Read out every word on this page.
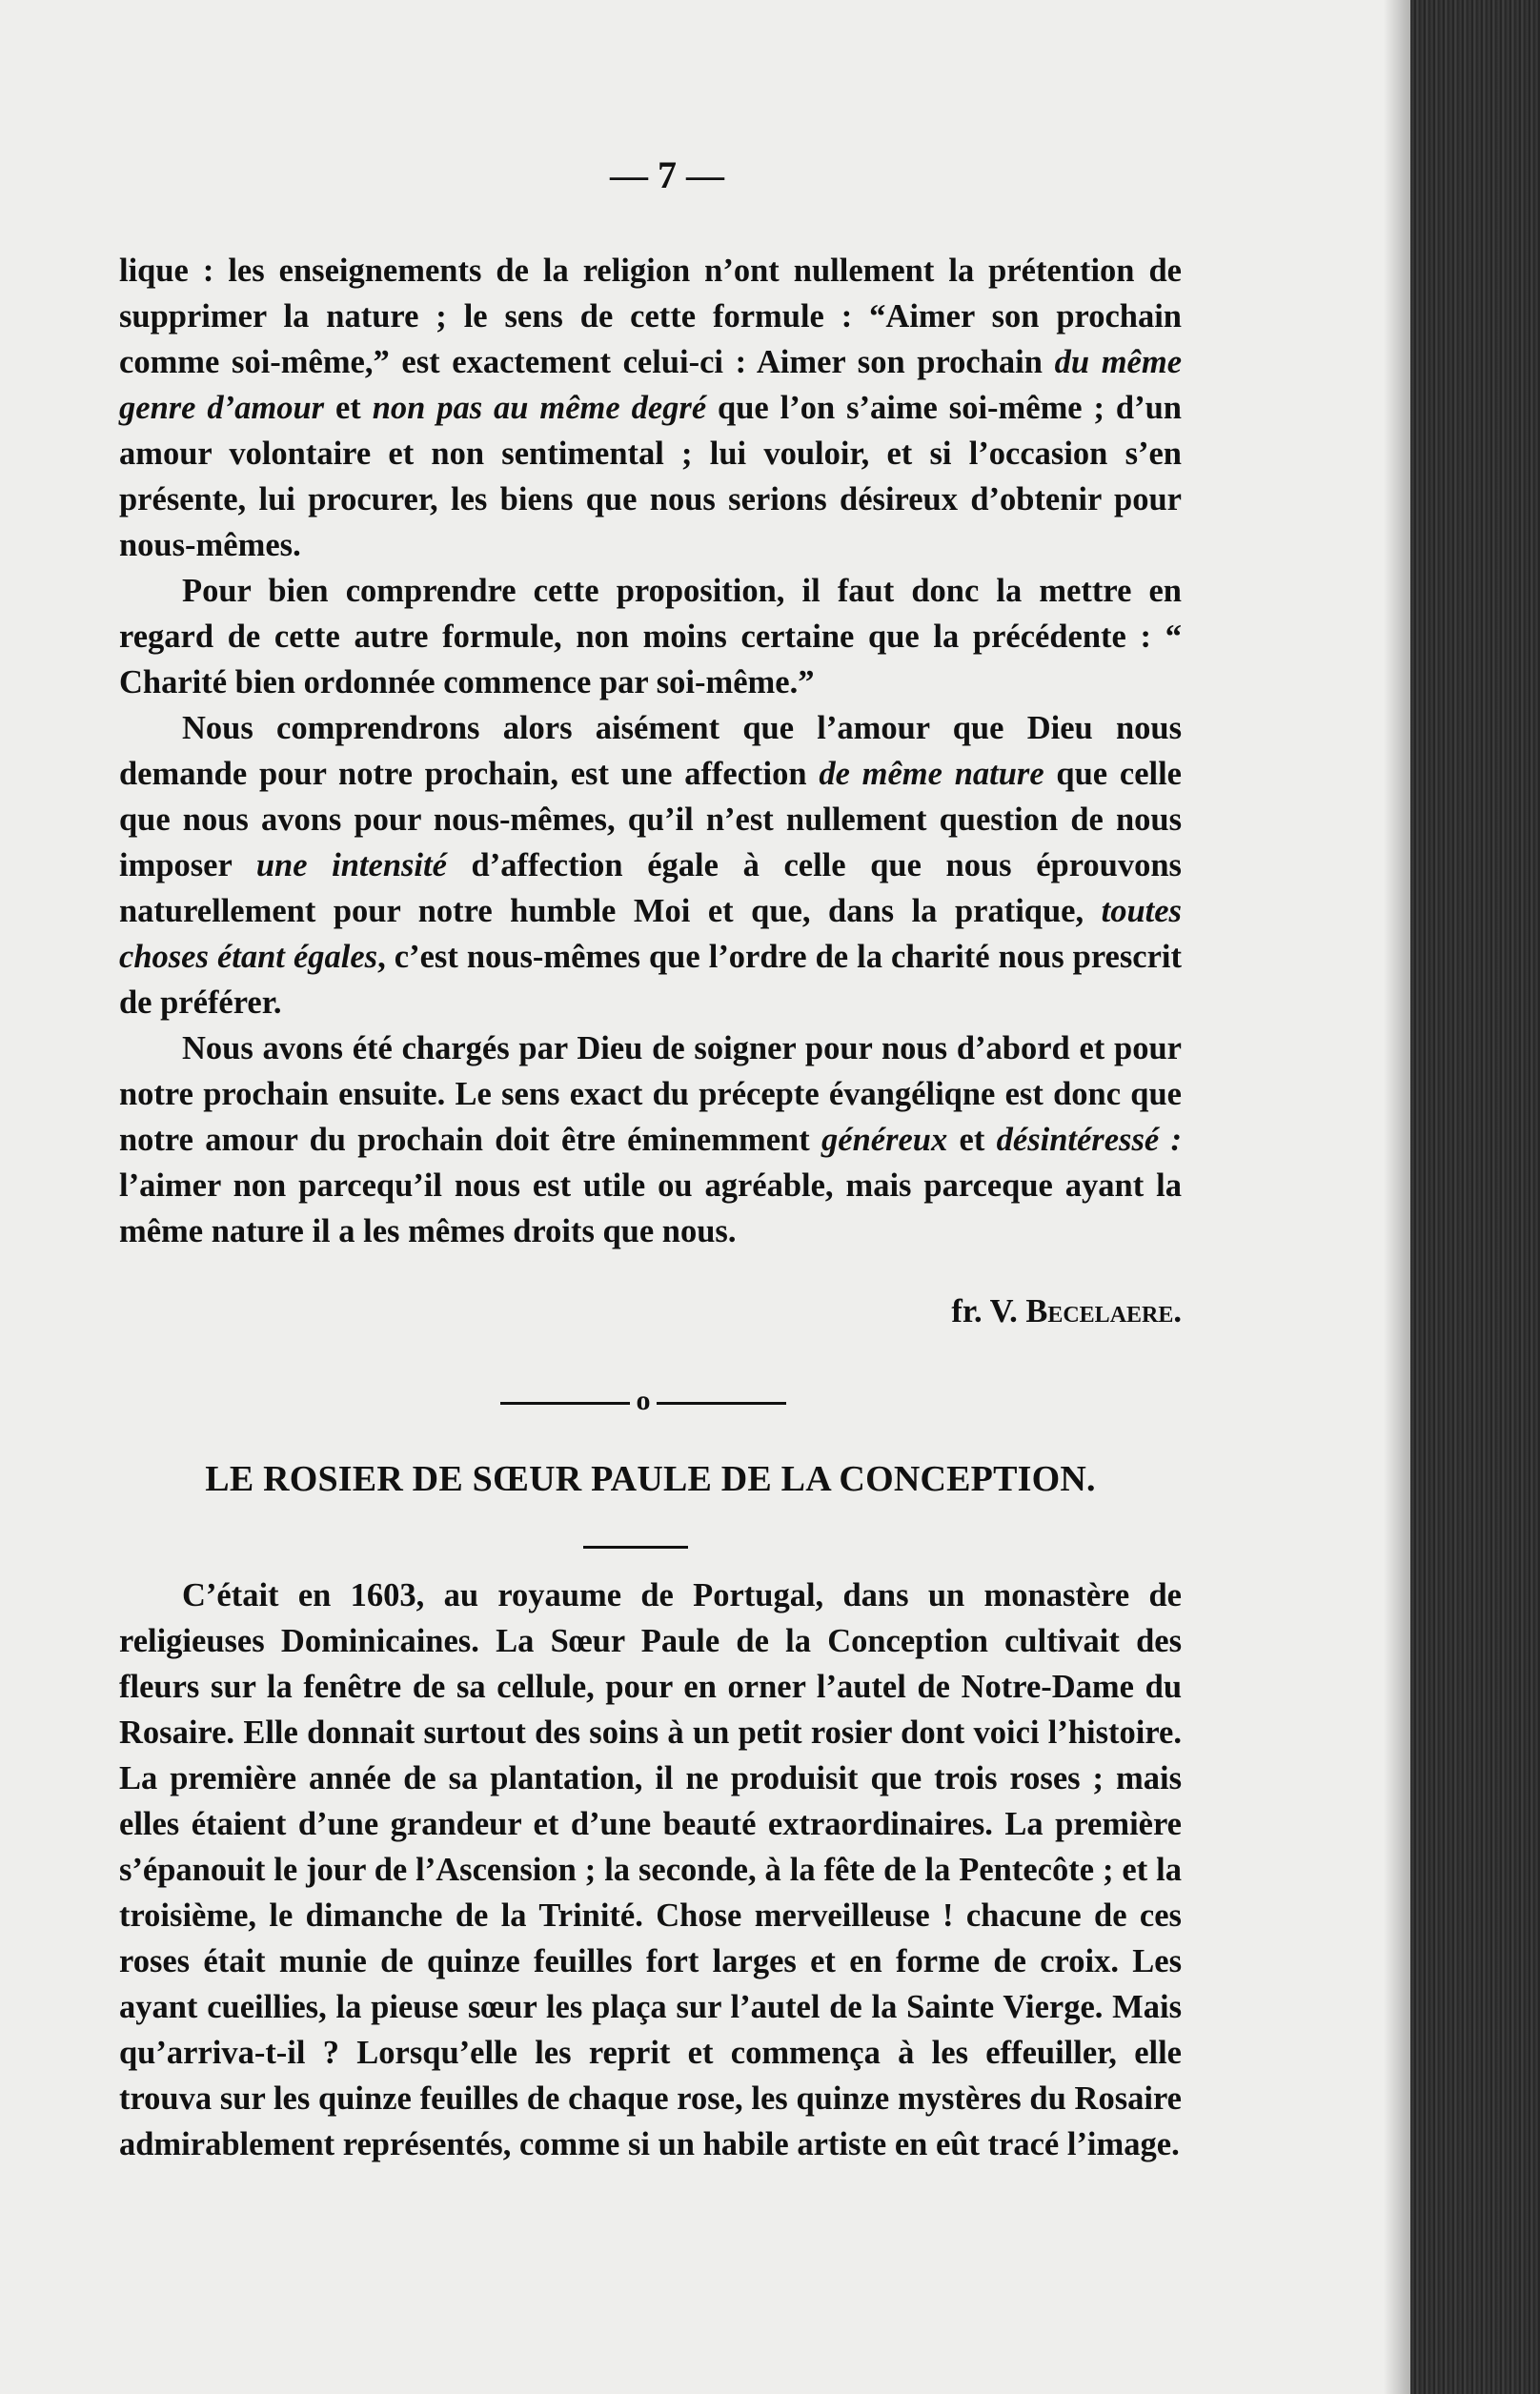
— 7 —

lique : les enseignements de la religion n’ont nullement la prétention de supprimer la nature ; le sens de cette formule : “Aimer son prochain comme soi-même,” est exactement celui-ci : Aimer son prochain du même genre d’amour et non pas au même degré que l’on s’aime soi-même ; d’un amour volontaire et non sentimental ; lui vouloir, et si l’occasion s’en présente, lui procurer, les biens que nous serions désireux d’obtenir pour nous-mêmes.

Pour bien comprendre cette proposition, il faut donc la mettre en regard de cette autre formule, non moins certaine que la précédente : “ Charité bien ordonnée commence par soi-même.”

Nous comprendrons alors aisément que l’amour que Dieu nous demande pour notre prochain, est une affection de même nature que celle que nous avons pour nous-mêmes, qu’il n’est nullement question de nous imposer une intensité d’affection égale à celle que nous éprouvons naturellement pour notre humble Moi et que, dans la pratique, toutes choses étant égales, c’est nous-mêmes que l’ordre de la charité nous prescrit de préférer.

Nous avons été chargés par Dieu de soigner pour nous d’abord et pour notre prochain ensuite. Le sens exact du précepte évangéliqne est donc que notre amour du prochain doit être éminemment généreux et désintéressé : l’aimer non parcequ’il nous est utile ou agréable, mais parceque ayant la même nature il a les mêmes droits que nous.

fr. V. Becelaere.
o
LE ROSIER DE SŒUR PAULE DE LA CONCEPTION.

C’était en 1603, au royaume de Portugal, dans un monastère de religieuses Dominicaines. La Sœur Paule de la Conception cultivait des fleurs sur la fenêtre de sa cellule, pour en orner l’autel de Notre-Dame du Rosaire. Elle donnait surtout des soins à un petit rosier dont voici l’histoire. La première année de sa plantation, il ne produisit que trois roses ; mais elles étaient d’une grandeur et d’une beauté extraordinaires. La première s’épanouit le jour de l’Ascension ; la seconde, à la fête de la Pentecôte ; et la troisième, le dimanche de la Trinité. Chose merveilleuse ! chacune de ces roses était munie de quinze feuilles fort larges et en forme de croix. Les ayant cueillies, la pieuse sœur les plaça sur l’autel de la Sainte Vierge. Mais qu’arriva-t-il ? Lorsqu’elle les reprit et commença à les effeuiller, elle trouva sur les quinze feuilles de chaque rose, les quinze mystères du Rosaire admirablement représentés, comme si un habile artiste en eût tracé l’image.
